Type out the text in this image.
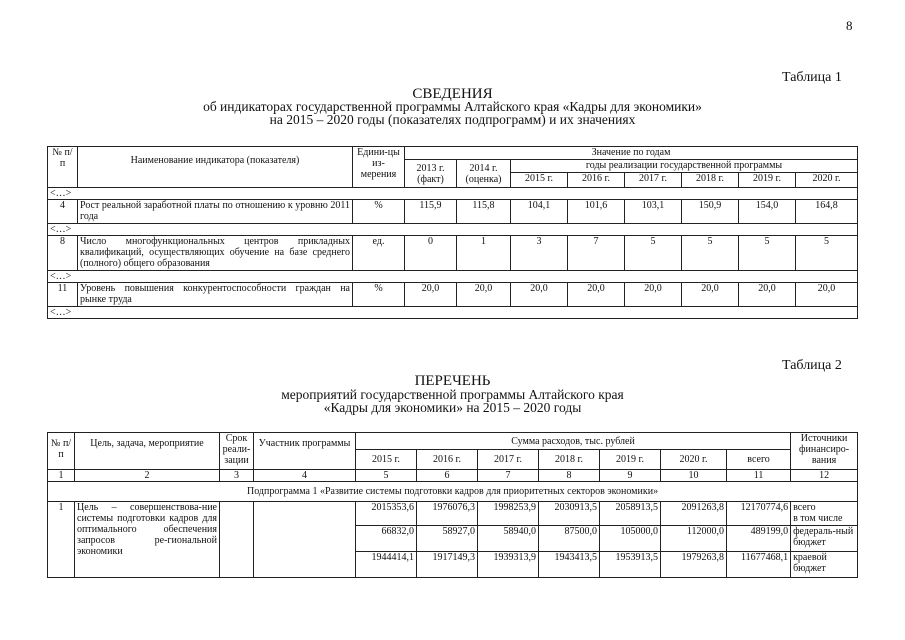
8
Таблица 1
СВЕДЕНИЯ
об индикаторах государственной программы Алтайского края «Кадры для экономики»
на 2015 – 2020 годы (показателях подпрограмм) и их значениях
№ п/п	Наименование индикатора (показателя)	Едини-цы из-мерения	Значение по годам							
			2013 г. (факт)	2014 г. (оценка)	годы реализации государственной программы					
					2015 г.	2016 г.	2017 г.	2018 г.	2019 г.	2020 г.
<…>										
4	Рост реальной заработной платы по отношению к уровню 2011 года	%	115,9	115,8	104,1	101,6	103,1	150,9	154,0	164,8
<…>										
8	Число многофункциональных центров прикладных квалификаций, осуществляющих обучение на базе среднего (полного) общего образования	ед.	0	1	3	7	5	5	5	5
<…>										
11	Уровень повышения конкурентоспособности граждан на рынке труда	%	20,0	20,0	20,0	20,0	20,0	20,0	20,0	20,0
<…>										
Таблица 2
ПЕРЕЧЕНЬ
мероприятий государственной программы Алтайского края
«Кадры для экономики» на 2015 – 2020 годы
№ п/п	Цель, задача, мероприятие	Срок реали-зации	Участник программы	Сумма расходов, тыс. рублей							Источники финансиро-вания
				2015 г.	2016 г.	2017 г.	2018 г.	2019 г.	2020 г.	всего	
1	2	3	4	5	6	7	8	9	10	11	12
Подпрограмма 1 «Развитие системы подготовки кадров для приоритетных секторов экономики»											
1	Цель – совершенствова-ние системы подготовки кадров для оптимального обеспечения запросов ре-гиональной экономики			2015353,6	1976076,3	1998253,9	2030913,5	2058913,5	2091263,8	12170774,6	всего
в том числе

				66832,0	58927,0	58940,0	87500,0	105000,0	112000,0	489199,0	федераль-ный бюджет
				1944414,1	1917149,3	1939313,9	1943413,5	1953913,5	1979263,8	11677468,1	краевой бюджет
